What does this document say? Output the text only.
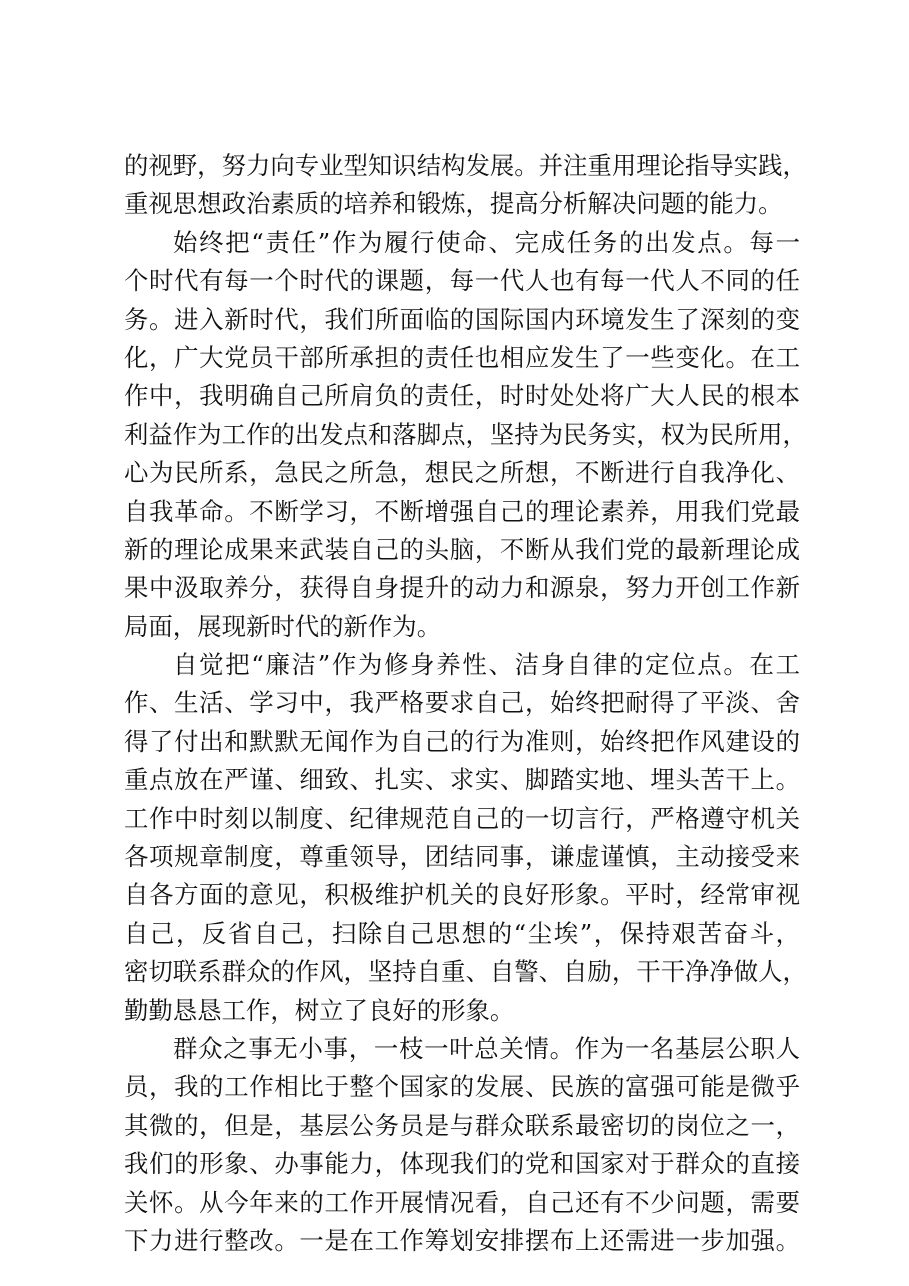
的视野，努力向专业型知识结构发展。并注重用理论指导实践，
重视思想政治素质的培养和锻炼，提高分析解决问题的能力。
始终把“责任”作为履行使命、完成任务的出发点。每一
个时代有每一个时代的课题，每一代人也有每一代人不同的任
务。进入新时代，我们所面临的国际国内环境发生了深刻的变
化，广大党员干部所承担的责任也相应发生了一些变化。在工
作中，我明确自己所肩负的责任，时时处处将广大人民的根本
利益作为工作的出发点和落脚点，坚持为民务实，权为民所用，
心为民所系，急民之所急，想民之所想，不断进行自我净化、
自我革命。不断学习，不断增强自己的理论素养，用我们党最
新的理论成果来武装自己的头脑，不断从我们党的最新理论成
果中汲取养分，获得自身提升的动力和源泉，努力开创工作新
局面，展现新时代的新作为。
自觉把“廉洁”作为修身养性、洁身自律的定位点。在工
作、生活、学习中，我严格要求自己，始终把耐得了平淡、舍
得了付出和默默无闻作为自己的行为准则，始终把作风建设的
重点放在严谨、细致、扎实、求实、脚踏实地、埋头苦干上。
工作中时刻以制度、纪律规范自己的一切言行，严格遵守机关
各项规章制度，尊重领导，团结同事，谦虚谨慎，主动接受来
自各方面的意见，积极维护机关的良好形象。平时，经常审视
自己，反省自己，扫除自己思想的“尘埃”，保持艰苦奋斗，
密切联系群众的作风，坚持自重、自警、自励，干干净净做人，
勤勤恳恳工作，树立了良好的形象。
群众之事无小事，一枝一叶总关情。作为一名基层公职人
员，我的工作相比于整个国家的发展、民族的富强可能是微乎
其微的，但是，基层公务员是与群众联系最密切的岗位之一，
我们的形象、办事能力，体现我们的党和国家对于群众的直接
关怀。从今年来的工作开展情况看，自己还有不少问题，需要
下力进行整改。一是在工作筹划安排摆布上还需进一步加强。
